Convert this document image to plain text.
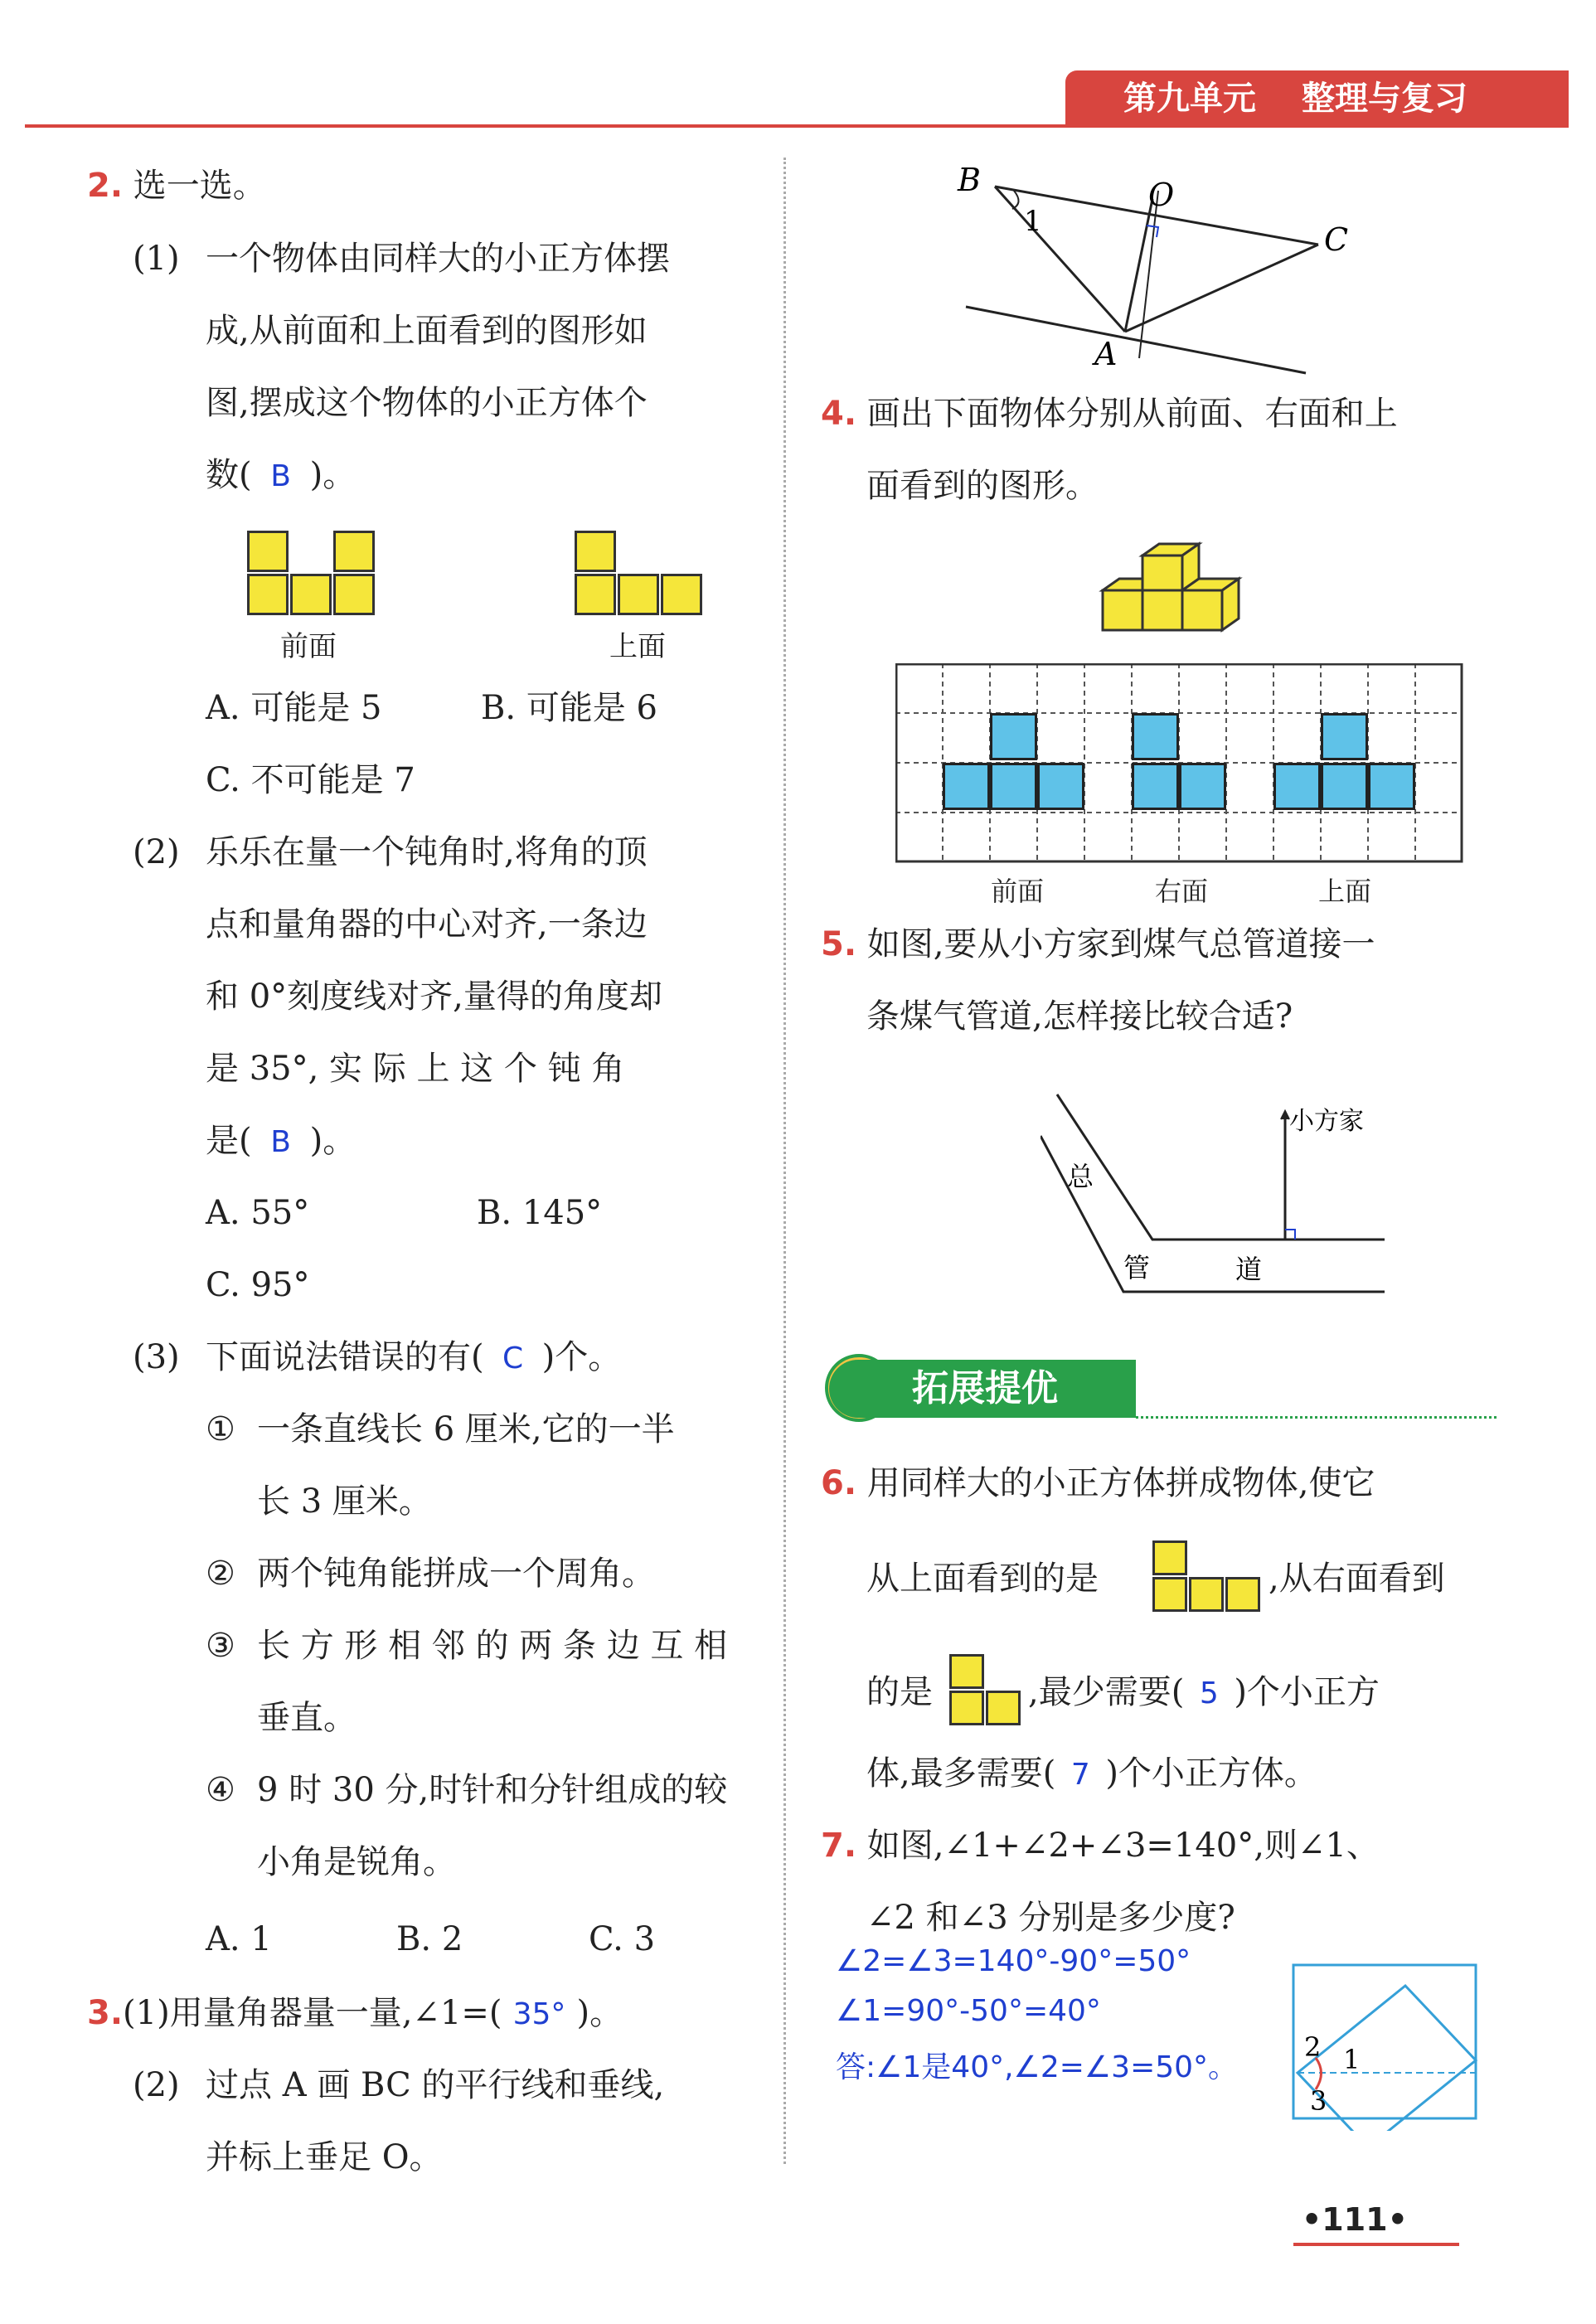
第九单元 整理与复习
2. 选一选。
(1) 一个物体由同样大的小正方体摆
成,从前面和上面看到的图形如
图,摆成这个物体的小正方体个
数( B )。
前面	上面
A. 可能是 5	B. 可能是 6
C. 不可能是 7
(2) 乐乐在量一个钝角时,将角的顶
点和量角器的中心对齐,一条边
和 0°刻度线对齐,量得的角度却
是 35°, 实 际 上 这 个 钝 角
是( B )。
A. 55°	B. 145°
C. 95°
(3) 下面说法错误的有( C )个。
① 一条直线长 6 厘米,它的一半
长 3 厘米。
② 两个钝角能拼成一个周角。
③ 长 方 形 相 邻 的 两 条 边 互 相
垂直。
④ 9 时 30 分,时针和分针组成的较
小角是锐角。
A. 1	B. 2	C. 3
3.(1)用量角器量一量,∠1=( 35° )。
(2) 过点 A 画 BC 的平行线和垂线,
并标上垂足 O。
B	O
C
A
1
4. 画出下面物体分别从前面、右面和上
面看到的图形。
前面	右面	上面
5. 如图,要从小方家到煤气总管道接一
条煤气管道,怎样接比较合适?
小方家
总
管	道
拓展提优
6. 用同样大的小正方体拼成物体,使它
从上面看到的是	,从右面看到
的是	,最少需要( 5 )个小正方
体,最多需要( 7 )个小正方体。
7. 如图,∠1+∠2+∠3=140°,则∠1、
∠2 和∠3 分别是多少度?
∠2=∠3=140°-90°=50°
∠1=90°-50°=40°
答:∠1是40°,∠2=∠3=50°。
2 1
3
•111•
